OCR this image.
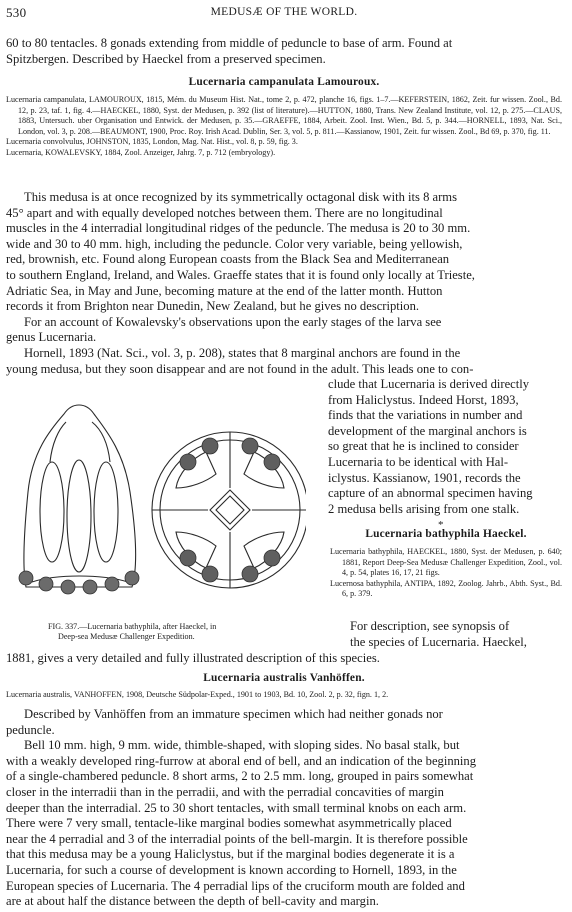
530	MEDUSÆ OF THE WORLD.
60 to 80 tentacles. 8 gonads extending from middle of peduncle to base of arm. Found at
Spitzbergen. Described by Haeckel from a preserved specimen.
Lucernaria campanulata Lamouroux.
Lucernaria campanulata, LAMOUROUX, 1815, Mém. du Museum Hist. Nat., tome 2, p. 472, planche 16, figs. 1–7.—KEFERSTEIN, 1862, Zeit. fur wissen. Zool., Bd. 12, p. 23, taf. 1, fig. 4.—HAECKEL, 1880, Syst. der Medusen, p. 392 (list of literature).—HUTTON, 1880, Trans. New Zealand Institute, vol. 12, p. 275.—CLAUS, 1883, Untersuch. uber Organisation und Entwick. der Medusen, p. 35.—GRAEFFE, 1884, Arbeit. Zool. Inst. Wien., Bd. 5, p. 344.—HORNELL, 1893, Nat. Sci., London, vol. 3, p. 208.—BEAUMONT, 1900, Proc. Roy. Irish Acad. Dublin, Ser. 3, vol. 5, p. 811.—Kassianow, 1901, Zeit. fur wissen. Zool., Bd 69, p. 370, fig. 11.
Lucernaria convolvulus, JOHNSTON, 1835, London, Mag. Nat. Hist., vol. 8, p. 59, fig. 3.
Lucernaria, KOWALEVSKY, 1884, Zool. Anzeiger, Jahrg. 7, p. 712 (embryology).
This medusa is at once recognized by its symmetrically octagonal disk with its 8 arms
45° apart and with equally developed notches between them. There are no longitudinal
muscles in the 4 interradial longitudinal ridges of the peduncle. The medusa is 20 to 30 mm.
wide and 30 to 40 mm. high, including the peduncle. Color very variable, being yellowish,
red, brownish, etc. Found along European coasts from the Black Sea and Mediterranean
to southern England, Ireland, and Wales. Graeffe states that it is found only locally at Trieste,
Adriatic Sea, in May and June, becoming mature at the end of the latter month. Hutton
records it from Brighton near Dunedin, New Zealand, but he gives no description.
For an account of Kowalevsky's observations upon the early stages of the larva see
genus Lucernaria.
Hornell, 1893 (Nat. Sci., vol. 3, p. 208), states that 8 marginal anchors are found in the
young medusa, but they soon disappear and are not found in the adult. This leads one to con-
clude that Lucernaria is derived directly
from Haliclystus. Indeed Horst, 1893,
finds that the variations in number and
development of the marginal anchors is
so great that he is inclined to consider
Lucernaria to be identical with Hal-
iclystus. Kassianow, 1901, records the
capture of an abnormal specimen having
2 medusa bells arising from one stalk.
*
FIG. 337.—Lucernaria bathyphila, after Haeckel, in
Deep-sea Medusæ Challenger Expedition.
Lucernaria bathyphila Haeckel.
Lucernaria bathyphila, HAECKEL, 1880, Syst. der Medusen, p. 640; 1881, Report Deep-Sea Medusæ Challenger Expedition, Zool., vol. 4, p. 54, plates 16, 17, 21 figs.
Lucernosa bathyphila, ANTIPA, 1892, Zoolog. Jahrb., Abth. Syst., Bd. 6, p. 379.
For description, see synopsis of
the species of Lucernaria. Haeckel,
1881, gives a very detailed and fully illustrated description of this species.
Lucernaria australis Vanhöffen.
Lucernaria australis, VANHOFFEN, 1908, Deutsche Südpolar-Exped., 1901 to 1903, Bd. 10, Zool. 2, p. 32, fign. 1, 2.
Described by Vanhöffen from an immature specimen which had neither gonads nor
peduncle.
Bell 10 mm. high, 9 mm. wide, thimble-shaped, with sloping sides. No basal stalk, but
with a weakly developed ring-furrow at aboral end of bell, and an indication of the beginning
of a single-chambered peduncle. 8 short arms, 2 to 2.5 mm. long, grouped in pairs somewhat
closer in the interradii than in the perradii, and with the perradial concavities of margin
deeper than the interradial. 25 to 30 short tentacles, with small terminal knobs on each arm.
There were 7 very small, tentacle-like marginal bodies somewhat asymmetrically placed
near the 4 perradial and 3 of the interradial points of the bell-margin. It is therefore possible
that this medusa may be a young Haliclystus, but if the marginal bodies degenerate it is a
Lucernaria, for such a course of development is known according to Hornell, 1893, in the
European species of Lucernaria. The 4 perradial lips of the cruciform mouth are folded and
are at about half the distance between the depth of bell-cavity and margin.
